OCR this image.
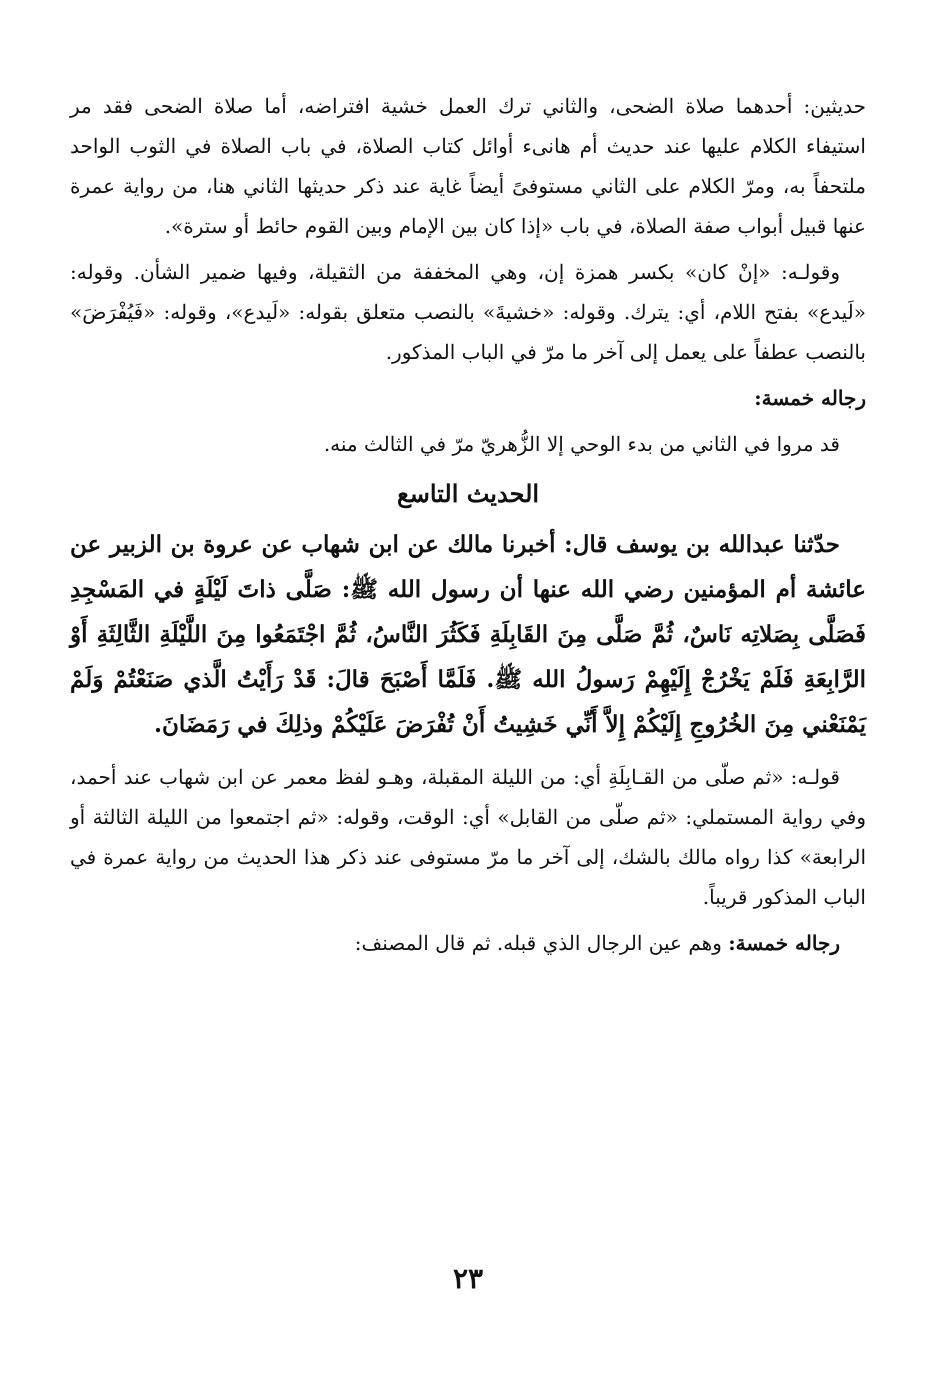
حديثين: أحدهما صلاة الضحى، والثاني ترك العمل خشية افتراضه، أما صلاة الضحى فقد مر استيفاء الكلام عليها عند حديث أم هانىء أوائل كتاب الصلاة، في باب الصلاة في الثوب الواحد ملتحفاً به، ومرّ الكلام على الثاني مستوفىً أيضاً غاية عند ذكر حديثها الثاني هنا، من رواية عمرة عنها قبيل أبواب صفة الصلاة، في باب «إذا كان بين الإمام وبين القوم حائط أو سترة».

وقولـه: «إنْ كان» بكسر همزة إن، وهي المخففة من الثقيلة، وفيها ضمير الشأن. وقوله: «لَيدع» بفتح اللام، أي: يترك. وقوله: «خشيةَ» بالنصب متعلق بقوله: «لَيدع»، وقوله: «فَيُفْرَضَ» بالنصب عطفاً على يعمل إلى آخر ما مرّ في الباب المذكور.

رجاله خمسة:

قد مروا في الثاني من بدء الوحي إلا الزُّهريّ مرّ في الثالث منه.

الحديث التاسع

حدّثنا عبدالله بن يوسف قال: أخبرنا مالك عن ابن شهاب عن عروة بن الزبير عن عائشة أم المؤمنين رضي الله عنها أن رسول الله ﷺ: صَلَّى ذاتَ لَيْلَةٍ في المَسْجِدِ فَصَلَّى بِصَلاتِه نَاسٌ، ثُمَّ صَلَّى مِنَ القَابِلَةِ فَكَثُرَ النَّاسُ، ثُمَّ اجْتَمَعُوا مِنَ اللَّيْلَةِ الثَّالِثَةِ أَوْ الرَّابِعَةِ فَلَمْ يَخْرُجْ إِلَيْهِمْ رَسولُ الله ﷺ. فَلَمَّا أَصْبَحَ قالَ: قَدْ رَأَيْتُ الَّذي صَنَعْتُمْ وَلَمْ يَمْنَعْني مِنَ الخُرُوجِ إِلَيْكُمْ إِلاَّ أَنِّي خَشِيتُ أَنْ تُفْرَضَ عَلَيْكُمْ وذلِكَ في رَمَضَانَ.

قولـه: «ثم صلّى من القـابِلَةِ أي: من الليلة المقبلة، وهـو لفظ معمر عن ابن شهاب عند أحمد، وفي رواية المستملي: «ثم صلّى من القابل» أي: الوقت، وقوله: «ثم اجتمعوا من الليلة الثالثة أو الرابعة» كذا رواه مالك بالشك، إلى آخر ما مرّ مستوفى عند ذكر هذا الحديث من رواية عمرة في الباب المذكور قريباً.

رجاله خمسة: وهم عين الرجال الذي قبله. ثم قال المصنف:

٢٣
